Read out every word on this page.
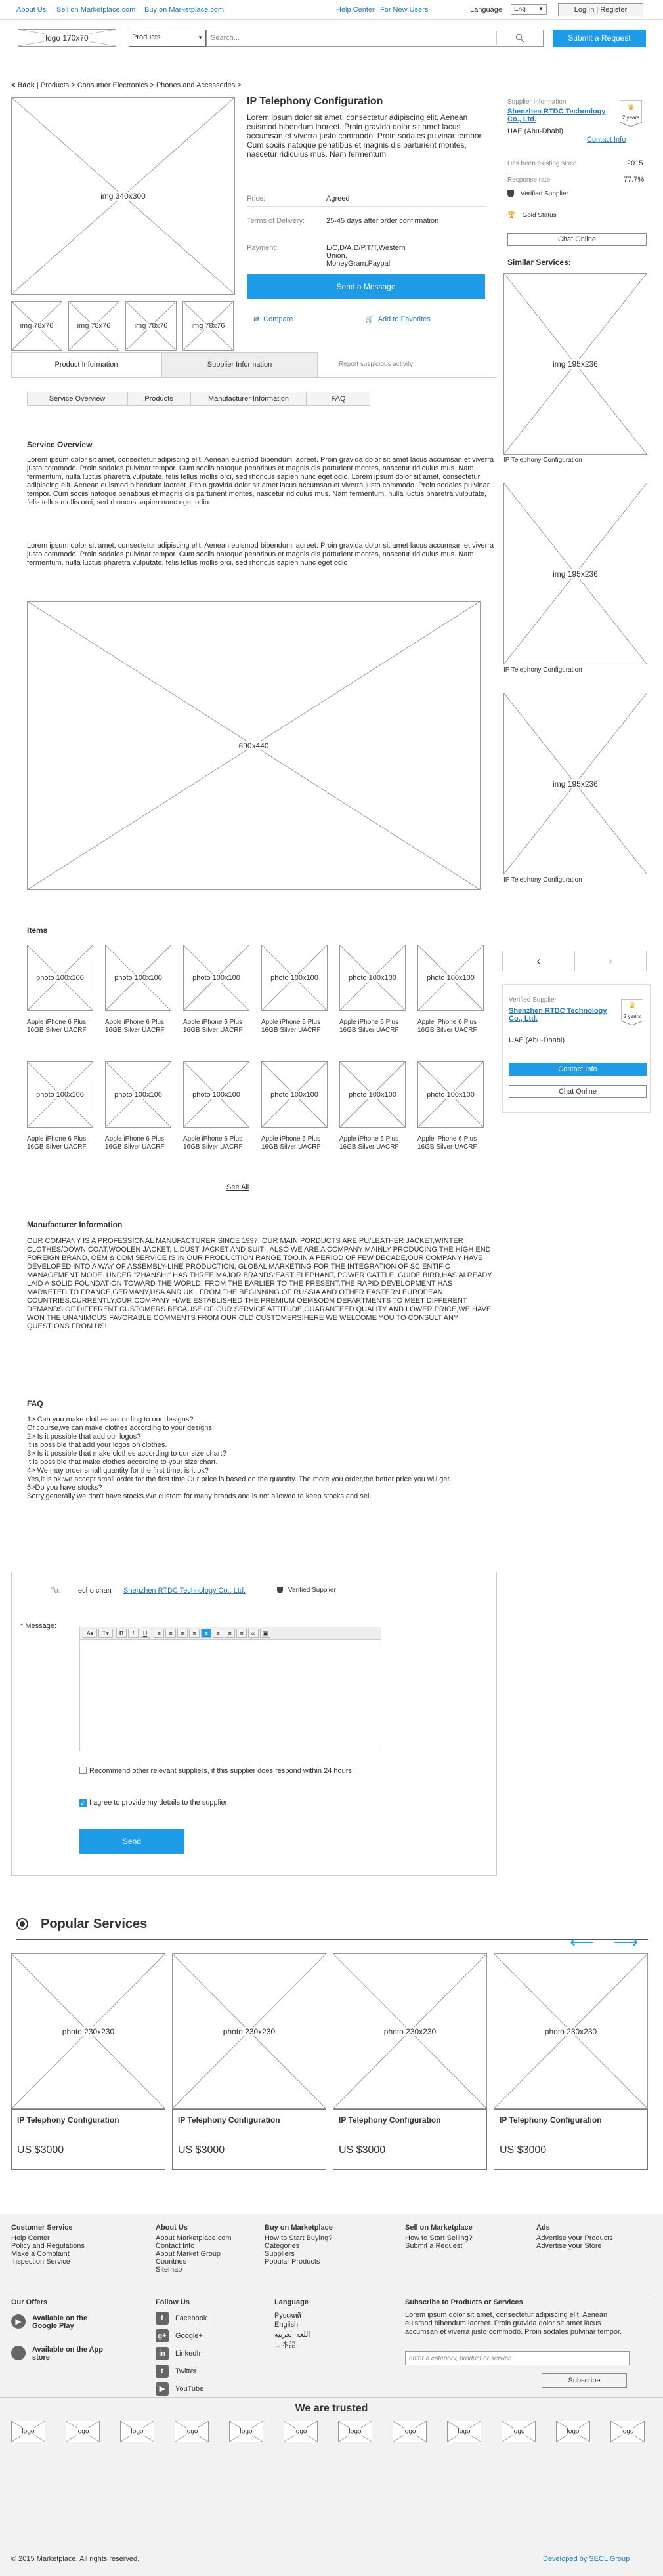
About Us Sell on Marketplace.com Buy on Marketplace.com	Help Center For New Users	Language	Eng ▼	Log In | Register
logo 170x70	Products	▼	Search...	Submit a Request
< Back | Products > Consumer Electronics > Phones and Accessories >
img 340x300
img 78x76	img 78x76	img 78x76	img 78x76
IP Telephony Configuration
Lorem ipsum dolor sit amet, consectetur adipiscing elit. Aenean euismod bibendum laoreet. Proin gravida dolor sit amet lacus accumsan et viverra justo commodo. Proin sodales pulvinar tempor. Cum sociis natoque penatibus et magnis dis parturient montes, nascetur ridiculus mus. Nam fermentum
Price:	Agreed
Terms of Delivery:	25-45 days after order confirmation
Payment:	L/C,D/A,D/P,T/T,Western Union, MoneyGram,Paypal
Send a Message
⇄ Compare	🛒 Add to Favorites
Supplier Information
Shenzhen RTDC Technology Co., Ltd.
♛
2 years
UAE (Abu-Dhabi)
Contact Info
Has been existing since	2015
Response rate	77.7%
Verified Supplier
🏆 Gold Status
Chat Online
Similar Services:
img 195x236
IP Telephony Configuration
img 195x236
IP Telephony Configuration
img 195x236
IP Telephony Configuration
‹	›
Verified Supplier
Shenzhen RTDC Technology Co., Ltd.
♛
2 years
UAE (Abu-Dhabi)
Contact Info
Chat Online
Product Information	Supplier Information	Report suspicious activity
Service Overview	Products	Manufacturer Information	FAQ
Service Overview
Lorem ipsum dolor sit amet, consectetur adipiscing elit. Aenean euismod bibendum laoreet. Proin gravida dolor sit amet lacus accumsan et viverra justo commodo. Proin sodales pulvinar tempor. Cum sociis natoque penatibus et magnis dis parturient montes, nascetur ridiculus mus. Nam fermentum, nulla luctus pharetra vulputate, felis tellus mollis orci, sed rhoncus sapien nunc eget odio. Lorem ipsum dolor sit amet, consectetur adipiscing elit. Aenean euismod bibendum laoreet. Proin gravida dolor sit amet lacus accumsan et viverra justo commodo. Proin sodales pulvinar tempor. Cum sociis natoque penatibus et magnis dis parturient montes, nascetur ridiculus mus. Nam fermentum, nulla luctus pharetra vulputate, felis tellus mollis orci, sed rhoncus sapien nunc eget odio.
Lorem ipsum dolor sit amet, consectetur adipiscing elit. Aenean euismod bibendum laoreet. Proin gravida dolor sit amet lacus accumsan et viverra justo commodo. Proin sodales pulvinar tempor. Cum sociis natoque penatibus et magnis dis parturient montes, nascetur ridiculus mus. Nam fermentum, nulla luctus pharetra vulputate, felis tellus mollis orci, sed rhoncus sapien nunc eget odio
690x440
Items
photo 100x100
Apple iPhone 6 Plus 16GB Silver UACRF
photo 100x100
Apple iPhone 6 Plus 16GB Silver UACRF
photo 100x100
Apple iPhone 6 Plus 16GB Silver UACRF
photo 100x100
Apple iPhone 6 Plus 16GB Silver UACRF
photo 100x100
Apple iPhone 6 Plus 16GB Silver UACRF
photo 100x100
Apple iPhone 6 Plus 16GB Silver UACRF
photo 100x100
Apple iPhone 6 Plus 16GB Silver UACRF
photo 100x100
Apple iPhone 6 Plus 16GB Silver UACRF
photo 100x100
Apple iPhone 6 Plus 16GB Silver UACRF
photo 100x100
Apple iPhone 6 Plus 16GB Silver UACRF
photo 100x100
Apple iPhone 6 Plus 16GB Silver UACRF
photo 100x100
Apple iPhone 6 Plus 16GB Silver UACRF
See All
Manufacturer Information
OUR COMPANY IS A PROFESSIONAL MANUFACTURER SINCE 1997. OUR MAIN PORDUCTS ARE PU/LEATHER JACKET,WINTER CLOTHES/DOWN COAT,WOOLEN JACKET, L,DUST JACKET AND SUIT . ALSO WE ARE A COMPANY MAINLY PRODUCING THE HIGH END FOREIGN BRAND, OEM & ODM SERVICE IS IN OUR PRODUCTION RANGE TOO.IN A PERIOD OF FEW DECADE,OUR COMPANY HAVE DEVELOPED INTO A WAY OF ASSEMBLY-LINE PRODUCTION, GLOBAL MARKETING FOR THE INTEGRATION OF SCIENTIFIC MANAGEMENT MODE. UNDER "ZHANSHI" HAS THREE MAJOR BRANDS:EAST ELEPHANT, POWER CATTLE, GUIDE BIRD,HAS ALREADY LAID A SOLID FOUNDATION TOWARD THE WORLD. FROM THE EARLIER TO THE PRESENT,THE RAPID DEVELOPMENT HAS MARKETED TO FRANCE,GERMANY,USA AND UK . FROM THE BEGINNING OF RUSSIA AND OTHER EASTERN EUROPEAN COUNTRIES.CURRENTLY,OUR COMPANY HAVE ESTABLISHED THE PREMIUM OEM&ODM DEPARTMENTS TO MEET DIFFERENT DEMANDS OF DIFFERENT CUSTOMERS.BECAUSE OF OUR SERVICE ATTITUDE,GUARANTEED QUALITY AND LOWER PRICE,WE HAVE WON THE UNANIMOUS FAVORABLE COMMENTS FROM OUR OLD CUSTOMERS!HERE WE WELCOME YOU TO CONSULT ANY QUESTIONS FROM US!
FAQ
1> Can you make clothes according to our designs?
Of course,we can make clothes according to your designs.
2> Is it possible that add our logos?
It is possible that add your logos on clothes.
3> Is it possible that make clothes according to our size chart?
It is possible that make clothes according to your size chart.
4> We may order small quantity for the first time, is it ok?
Yes,it is ok,we accept small order for the first time.Our price is based on the quantity. The more you order,the better price you will get.
5>Do you have stocks?
Sorry,generally we don't have stocks.We custom for many brands and is not allowed to keep stocks and sell.
To: echo chan Shenzhen RTDC Technology Co., Ltd.	Verified Supplier
* Message:
A▾ T▾ B I U ≡ ≡ ≡ ≡ ≡ ≡ ≡ ≡ ∞ ▣
Recommend other relevant suppliers, if this supplier does respond within 24 hours.
✓ I agree to provide my details to the supplier
Send
Popular Services
⟵ ⟶
photo 230x230
IP Telephony Configuration
US $3000
photo 230x230
IP Telephony Configuration
US $3000
photo 230x230
IP Telephony Configuration
US $3000
photo 230x230
IP Telephony Configuration
US $3000
Customer Service
Help Center
Policy and Regulations
Make a Complaint
Inspection Service
About Us
About Marketplace.com
Contact Info
About Market Group
Countries
Sitemap
Buy on Marketplace
How to Start Buying?
Categories
Suppliers
Popular Products
Sell on Marketplace
How to Start Selling?
Submit a Request
Ads
Advertise your Products
Advertise your Store
Our Offers
▶	Available on the Google Play
Available on the App store
Follow Us
f	Facebook
g+	Google+
in	LinkedIn
t	Twitter
▶	YouTube
Language
Русский
English
اللغة العربية
日本語
Subscribe to Products or Services
Lorem ipsum dolor sit amet, consectetur adipiscing elit. Aenean euismod bibendum laoreet. Proin gravida dolor sit amet lacus accumsan et viverra justo commodo. Proin sodales pulvinar tempor.
enter a category, product or service
Subscribe
We are trusted
logo	logo	logo	logo	logo	logo	logo	logo	logo	logo	logo	logo
© 2015 Marketplace. All rights reserved.	Developed by SECL Group
